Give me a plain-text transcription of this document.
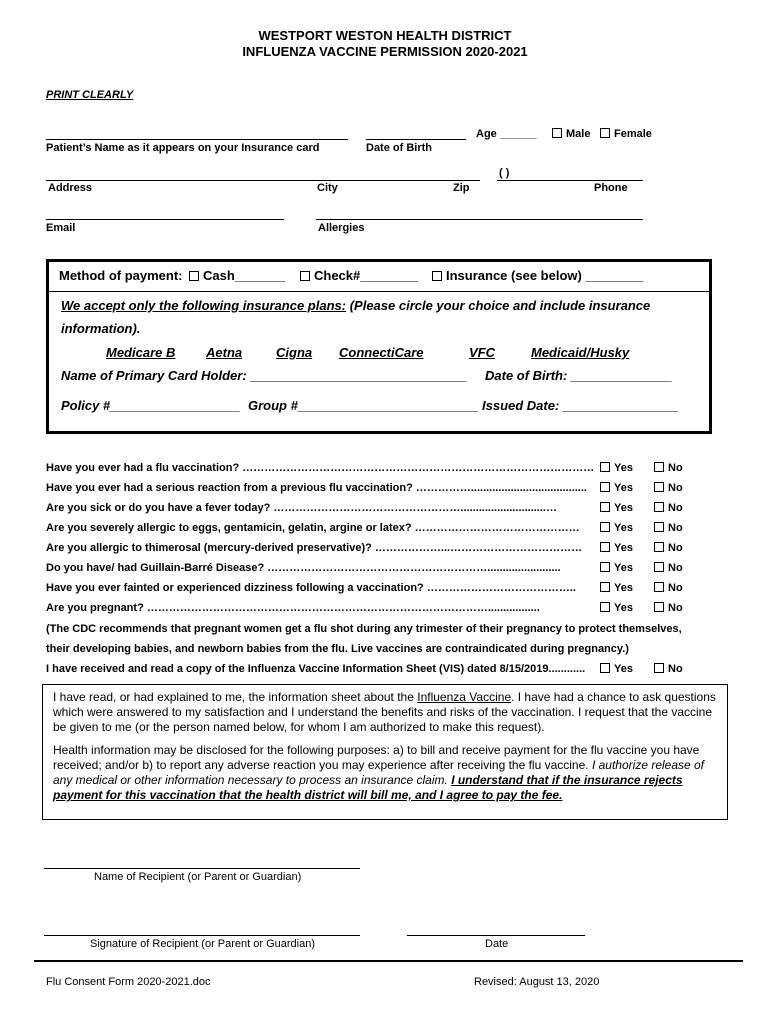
WESTPORT WESTON HEALTH DISTRICT
INFLUENZA VACCINE PERMISSION 2020-2021
PRINT CLEARLY
Age ______	Male	Female
Patient’s Name as it appears on your Insurance card	Date of Birth
( )
Address	City	Zip	Phone
Email	Allergies
Method of payment:	Cash_______	Check#________	Insurance (see below) ________
We accept only the following insurance plans: (Please circle your choice and include insurance
information).
Medicare B Aetna	Cigna ConnectiCare	VFC	Medicaid/Husky
Name of Primary Card Holder: ______________________________ Date of Birth: ______________
Policy #__________________ Group #_________________________ Issued Date: ________________
Have you ever had a flu vaccination? ……………………………………………………………………………………	Yes	No
Have you ever had a serious reaction from a previous flu vaccination? ……………......................................	Yes	No
Are you sick or do you have a fever today? ……………………………………………............................…	Yes	No
Are you severely allergic to eggs, gentamicin, gelatin, argine or latex? ………………………………………	Yes	No
Are you allergic to thimerosal (mercury-derived preservative)? ………………...………………………………	Yes	No
Do you have/ had Guillain-Barré Disease? ……………………………………………………........................	Yes	No
Have you ever fainted or experienced dizziness following a vaccination? …………………………………..	Yes	No
Are you pregnant? ………………………………………………………………………………….................	Yes	No
(The CDC recommends that pregnant women get a flu shot during any trimester of their pregnancy to protect themselves,
their developing babies, and newborn babies from the flu. Live vaccines are contraindicated during pregnancy.)
I have received and read a copy of the Influenza Vaccine Information Sheet (VIS) dated 8/15/2019............	Yes	No

I have read, or had explained to me, the information sheet about the Influenza Vaccine. I have had a chance to ask questions which were answered to my satisfaction and I understand the benefits and risks of the vaccination. I request that the vaccine be given to me (or the person named below, for whom I am authorized to make this request).

Health information may be disclosed for the following purposes: a) to bill and receive payment for the flu vaccine you have received; and/or b) to report any adverse reaction you may experience after receiving the flu vaccine. I authorize release of any medical or other information necessary to process an insurance claim. I understand that if the insurance rejects payment for this vaccination that the health district will bill me, and I agree to pay the fee.

Name of Recipient (or Parent or Guardian)
Signature of Recipient (or Parent or Guardian)	Date
Flu Consent Form 2020-2021.doc	Revised: August 13, 2020
